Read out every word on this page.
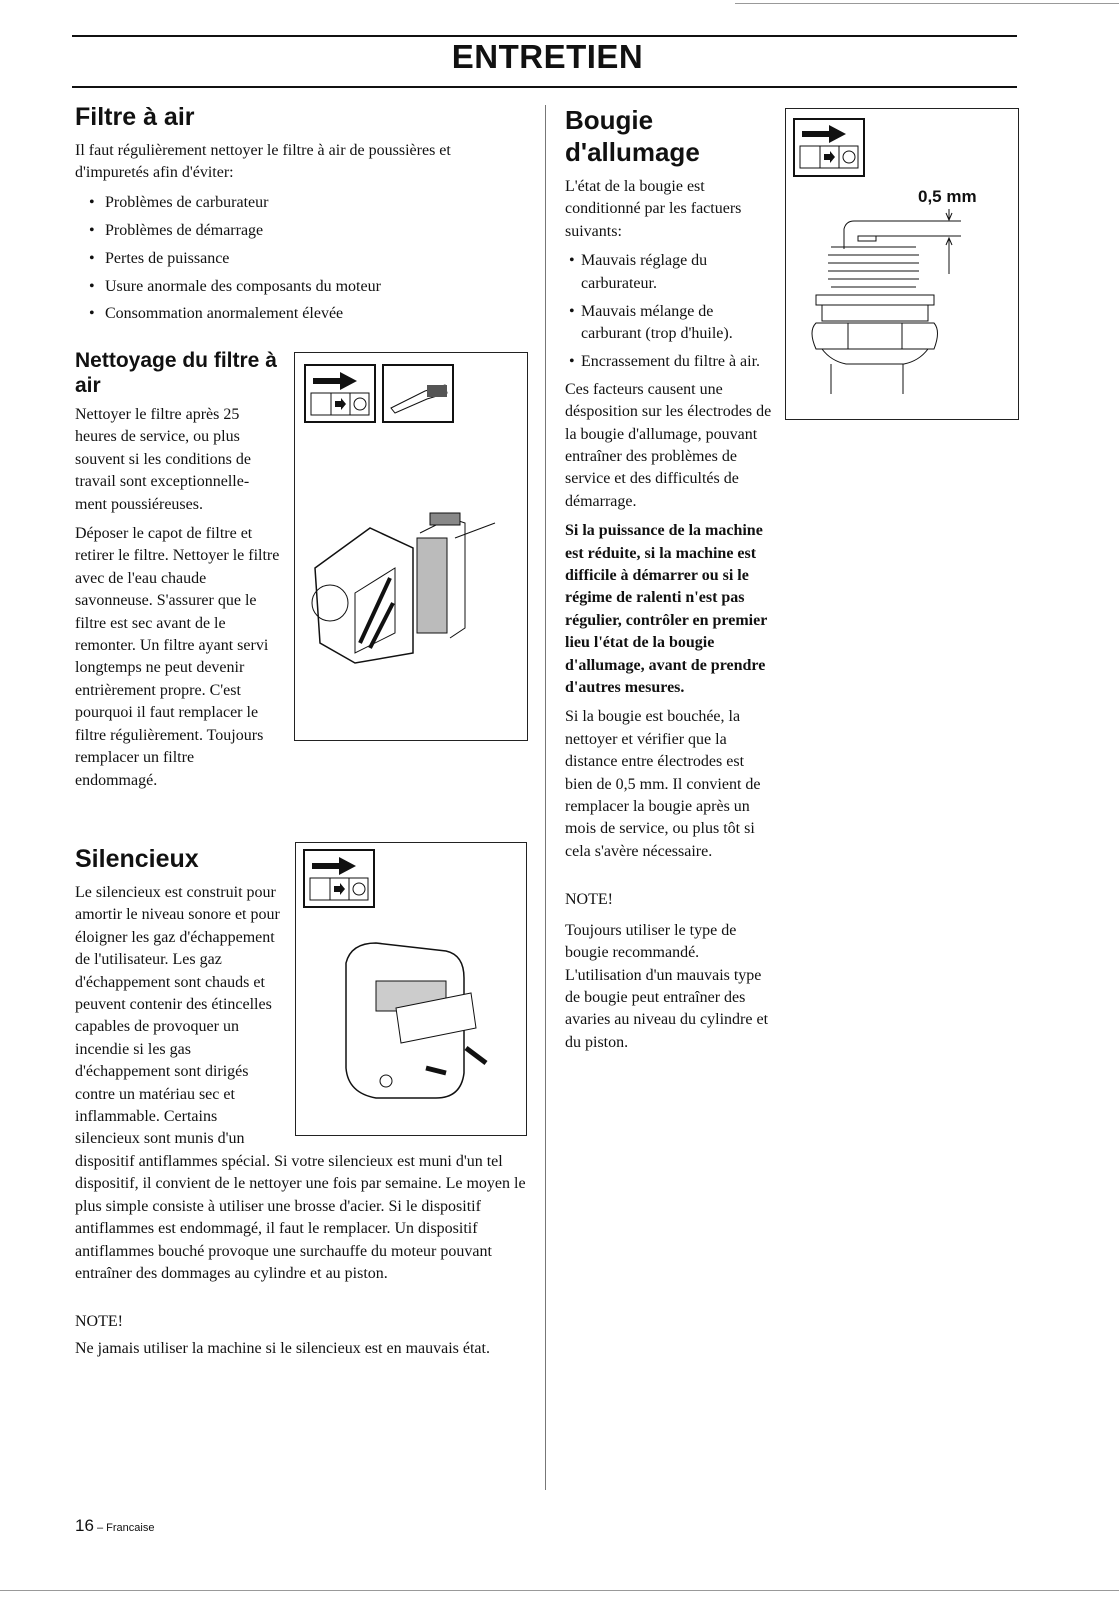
ENTRETIEN
Filtre à air

Il faut régulièrement nettoyer le filtre à air de poussières et d'impuretés afin d'éviter:

• Problèmes de carburateur
• Problèmes de démarrage
• Pertes de puissance
• Usure anormale des composants du moteur
• Consommation anormalement élevée
Nettoyage du filtre à air

Nettoyer le filtre après 25 heures de service, ou plus souvent si les conditions de travail sont exceptionnelle-ment poussiéreuses.

Déposer le capot de filtre et retirer le filtre. Nettoyer le filtre avec de l'eau chaude savonneuse. S'assurer que le filtre est sec avant de le remonter. Un filtre ayant servi longtemps ne peut devenir entrièrement propre. C'est pourquoi il faut remplacer le filtre régulièrement. Toujours remplacer un filtre endommagé.

Silencieux

Le silencieux est construit pour amortir le niveau sonore et pour éloigner les gaz d'échappement de l'utilisateur. Les gaz d'échappement sont chauds et peuvent contenir des étincelles capables de provoquer un incendie si les gas d'échappement sont dirigés contre un matériau sec et inflammable. Certains silencieux sont munis d'un dispositif antiflammes spécial. Si votre silencieux est muni d'un tel dispositif, il convient de le nettoyer une fois par semaine. Le moyen le plus simple consiste à utiliser une brosse d'acier. Si le dispositif antiflammes est endommagé, il faut le remplacer. Un dispositif antiflammes bouché provoque une surchauffe du moteur pouvant entraîner des dommages au cylindre et au piston.

NOTE!

Ne jamais utiliser la machine si le silencieux est en mauvais état.

Bougie d'allumage

L'état de la bougie est conditionné par les factuers suivants:

• Mauvais réglage du carburateur.
• Mauvais mélange de carburant (trop d'huile).
• Encrassement du filtre à air.

Ces facteurs causent une désposition sur les électrodes de la bougie d'allumage, pouvant entraîner des problèmes de service et des difficultés de démarrage.

Si la puissance de la machine est réduite, si la machine est difficile à démarrer ou si le régime de ralenti n'est pas régulier, contrôler en premier lieu l'état de la bougie d'allumage, avant de prendre d'autres mesures.

Si la bougie est bouchée, la nettoyer et vérifier que la distance entre électrodes est bien de 0,5 mm. Il convient de remplacer la bougie après un mois de service, ou plus tôt si cela s'avère nécessaire.

NOTE!

Toujours utiliser le type de bougie recommandé. L'utilisation d'un mauvais type de bougie peut entraîner des avaries au niveau du cylindre et du piston.

0,5 mm
16 – Francaise
